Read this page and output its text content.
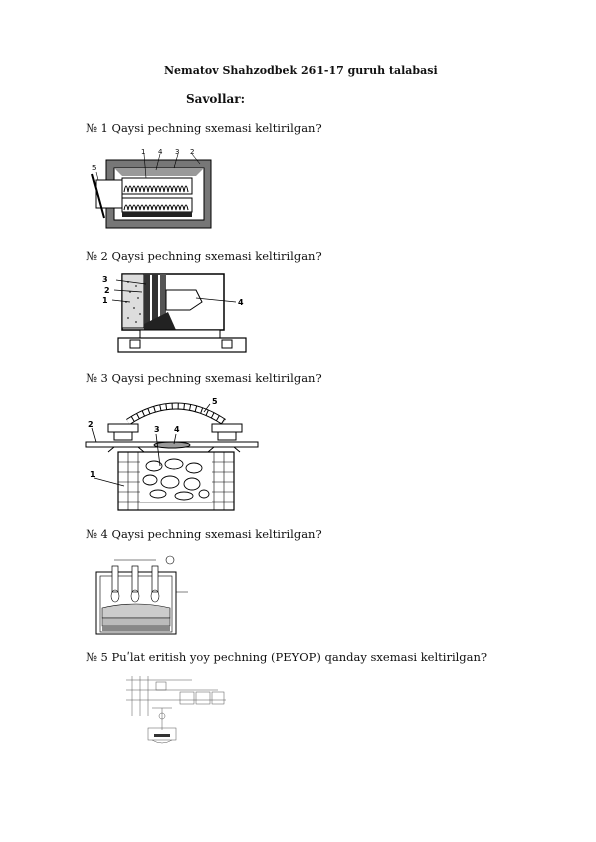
Nematov Shahzodbek 261-17 guruh talabasi
Savollar:
№ 1 Qaysi pechning sxemasi keltirilgan?
1 4 3 2
5
№ 2 Qaysi pechning sxemasi keltirilgan?
3
2
1	4
№ 3 Qaysi pechning sxemasi keltirilgan?
5
2
3 4
1
№ 4 Qaysi pechning sxemasi keltirilgan?
№ 5 Puʹlat eritish yoy pechning (PEYOP) qanday sxemasi keltirilgan?
